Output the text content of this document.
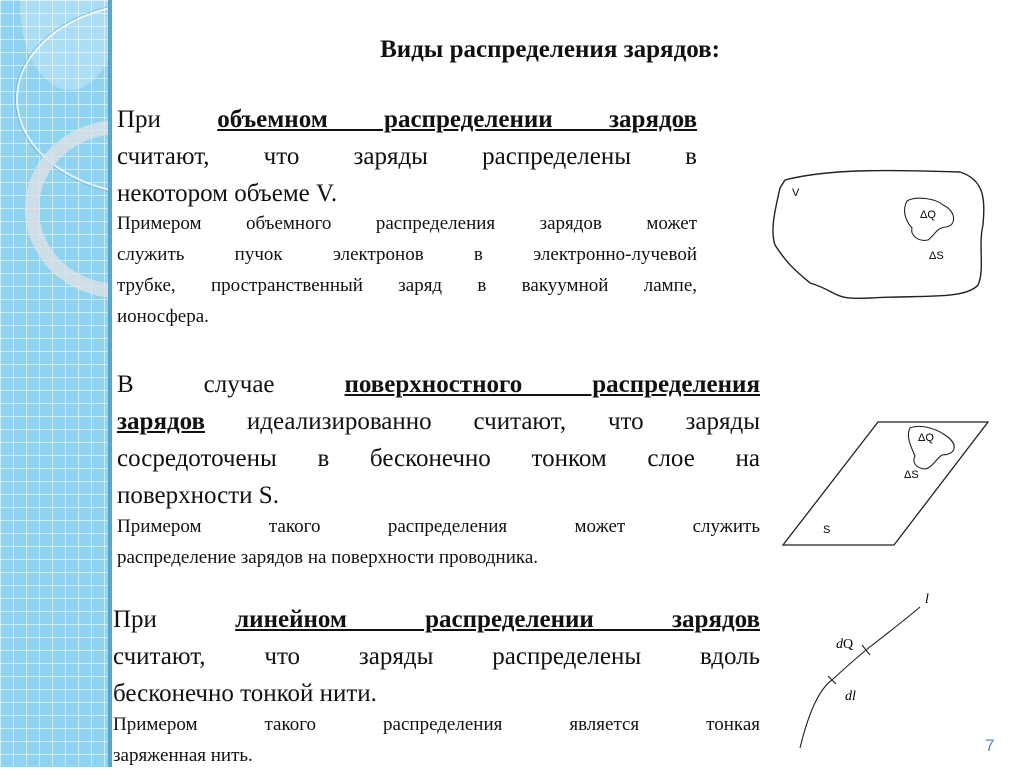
Виды распределения зарядов:
При объемном распределении зарядов
считают, что заряды распределены в
некотором объеме V.
Примером объемного распределения зарядов может
служить пучок электронов в электронно-лучевой
трубке, пространственный заряд в вакуумной лампе,
ионосфера.
В случае	поверхностного распределения
зарядов идеализированно считают, что заряды
сосредоточены в бесконечно тонком слое на
поверхности S.
Примером такого распределения может служить
распределение зарядов на поверхности проводника.
При	линейном распределении зарядов
считают, что заряды распределены вдоль
бесконечно тонкой нити.
Примером такого распределения является тонкая
заряженная нить.
V
ΔQ
ΔS
ΔQ
ΔS
S
l
dQ
dl
7
